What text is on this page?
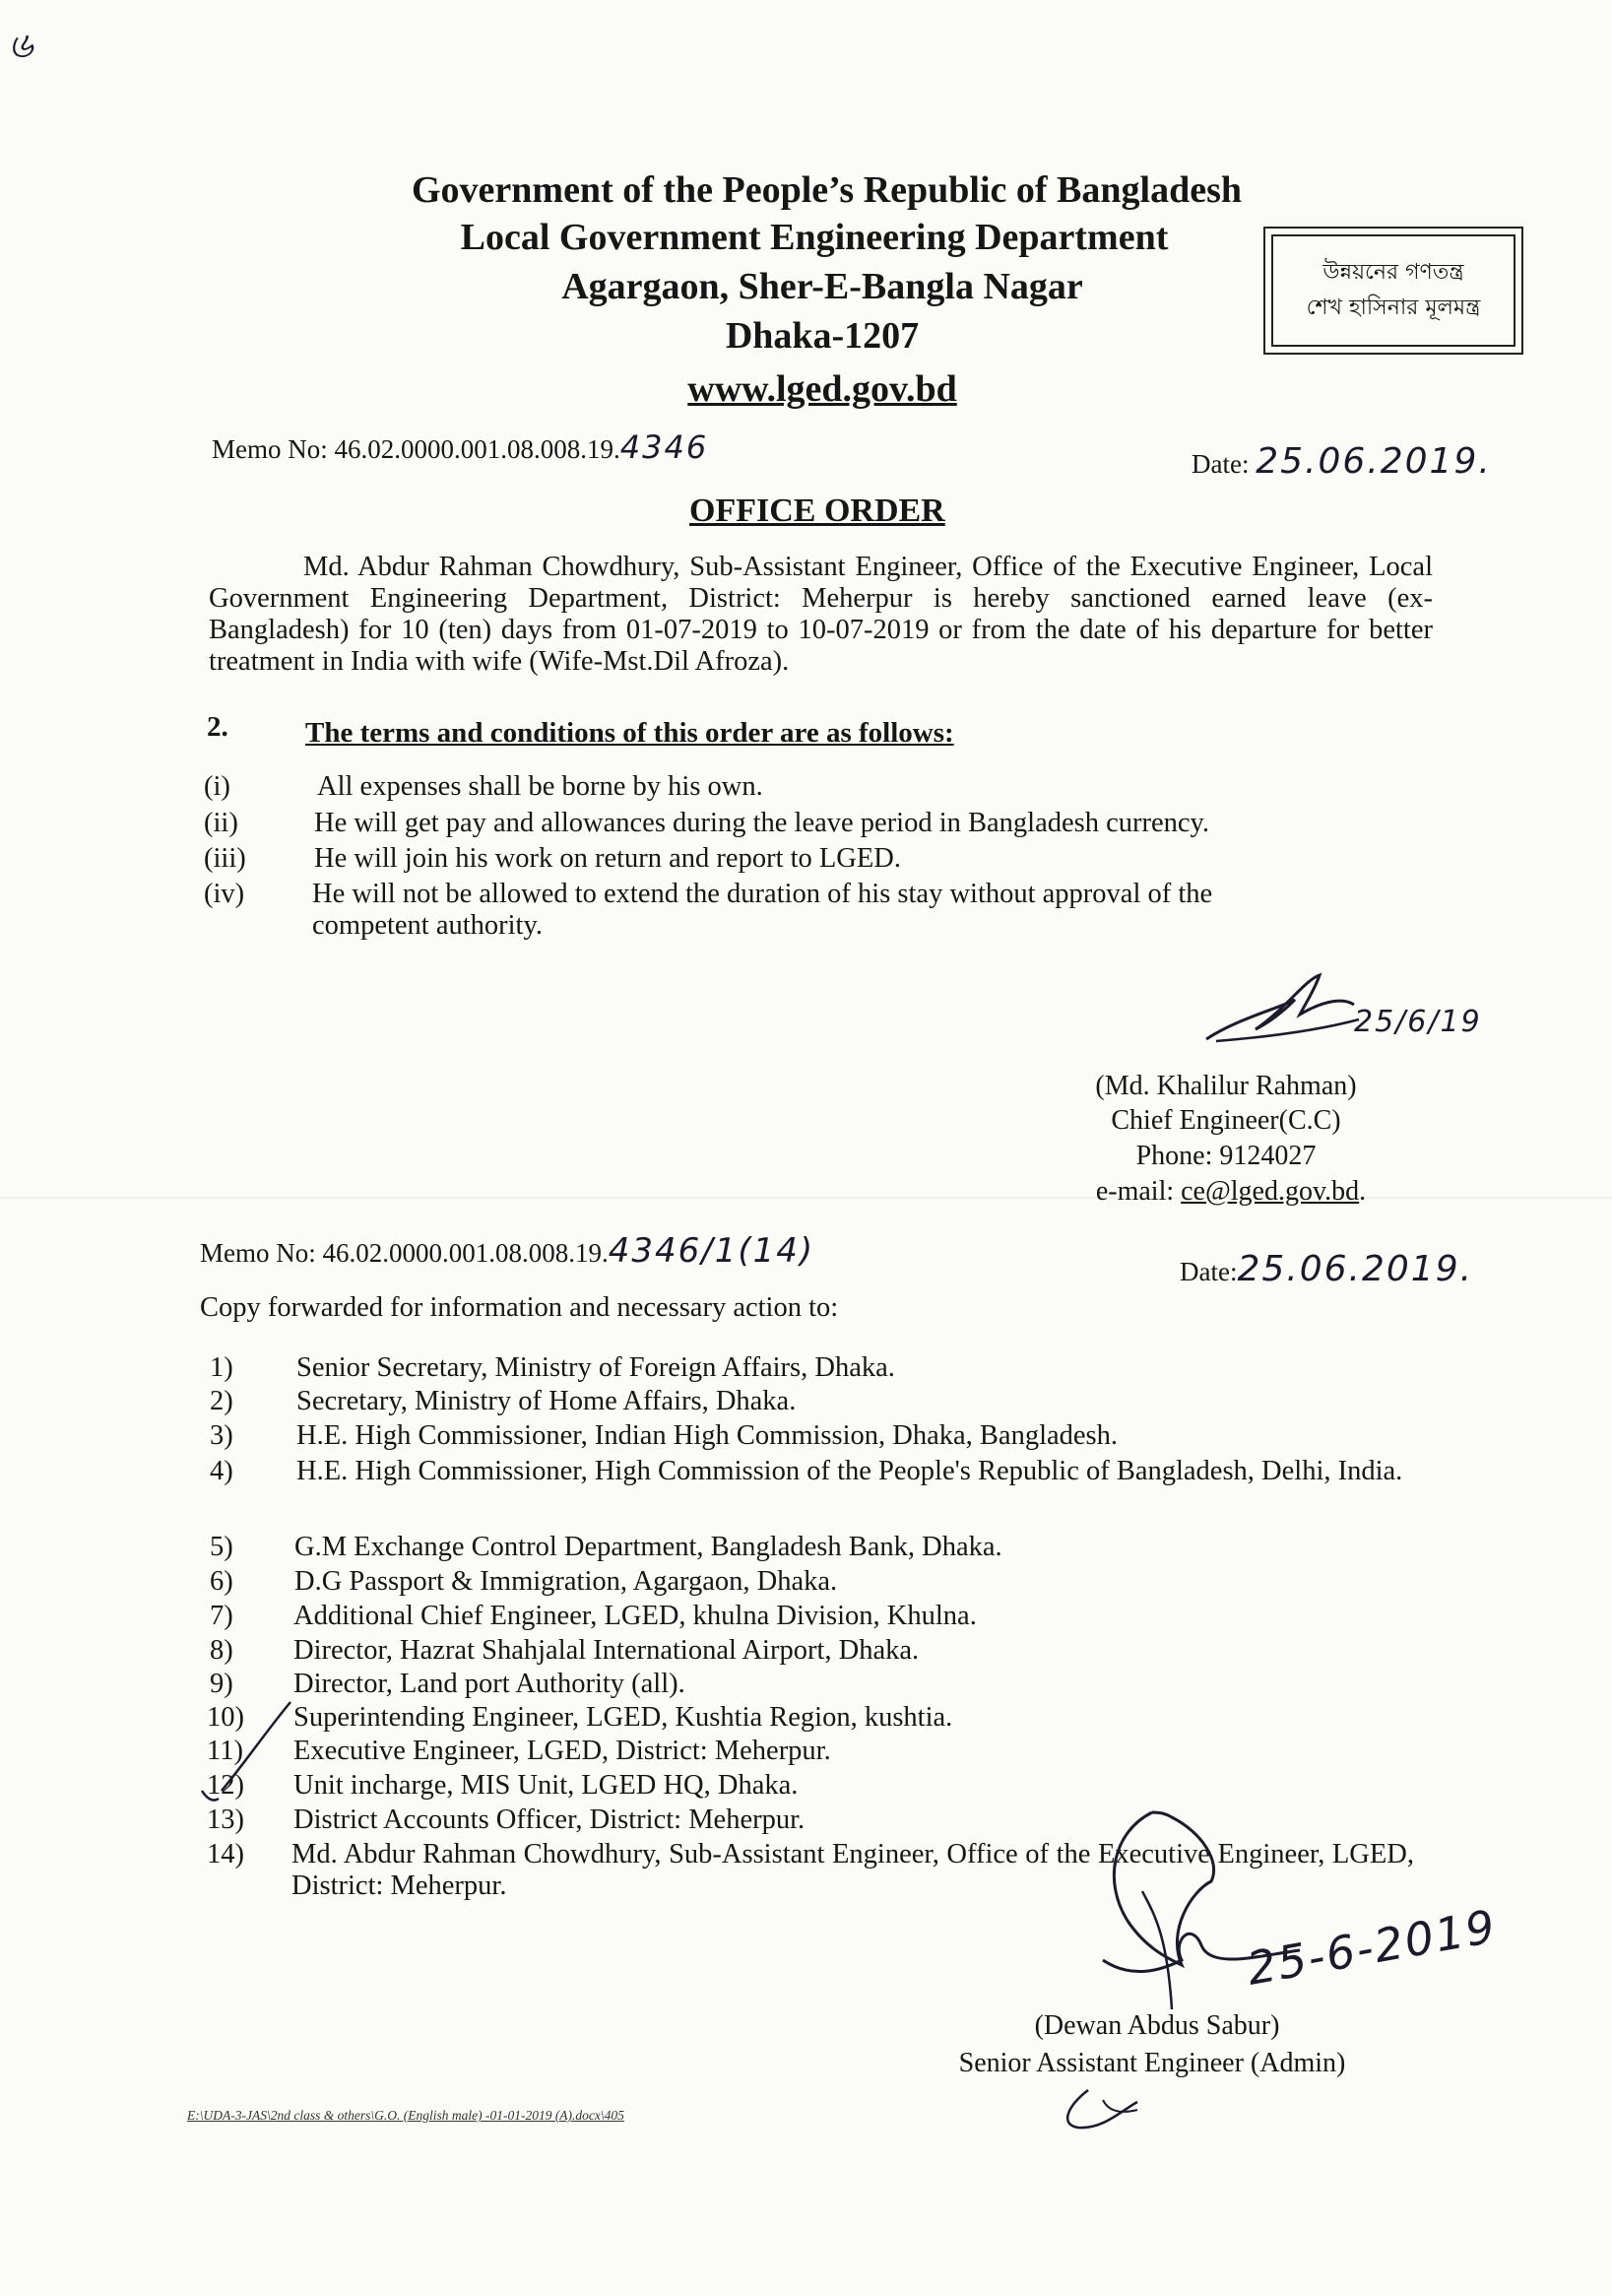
৬
Government of the People’s Republic of Bangladesh
Local Government Engineering Department
Agargaon, Sher-E-Bangla Nagar
Dhaka-1207
www.lged.gov.bd
উন্নয়নের গণতন্ত্র
শেখ হাসিনার মূলমন্ত্র
Memo No: 46.02.0000.001.08.008.19.4346	Date: 25.06.2019.
OFFICE ORDER
Md. Abdur Rahman Chowdhury, Sub-Assistant Engineer, Office of the Executive Engineer, Local Government Engineering Department, District: Meherpur is hereby sanctioned earned leave (ex-Bangladesh) for 10 (ten) days from 01-07-2019 to 10-07-2019 or from the date of his departure for better treatment in India with wife (Wife-Mst.Dil Afroza).
2.	The terms and conditions of this order are as follows:
(i)	All expenses shall be borne by his own.
(ii)	He will get pay and allowances during the leave period in Bangladesh currency.
(iii) He will join his work on return and report to LGED.
(iv) He will not be allowed to extend the duration of his stay without approval of the competent authority.
25/6/19
(Md. Khalilur Rahman)
Chief Engineer(C.C)
Phone: 9124027
e-mail: ce@lged.gov.bd.
Memo No: 46.02.0000.001.08.008.19.4346/1(14)
Date:25.06.2019.
Copy forwarded for information and necessary action to:
1) Senior Secretary, Ministry of Foreign Affairs, Dhaka.
2) Secretary, Ministry of Home Affairs, Dhaka.
3) H.E. High Commissioner, Indian High Commission, Dhaka, Bangladesh.
4) H.E. High Commissioner, High Commission of the People's Republic of Bangladesh, Delhi, India.
5) G.M Exchange Control Department, Bangladesh Bank, Dhaka.
6) D.G Passport & Immigration, Agargaon, Dhaka.
7) Additional Chief Engineer, LGED, khulna Division, Khulna.
8) Director, Hazrat Shahjalal International Airport, Dhaka.
9) Director, Land port Authority (all).
10) Superintending Engineer, LGED, Kushtia Region, kushtia.
11) Executive Engineer, LGED, District: Meherpur.
12) Unit incharge, MIS Unit, LGED HQ, Dhaka.
13) District Accounts Officer, District: Meherpur.
14) Md. Abdur Rahman Chowdhury, Sub-Assistant Engineer, Office of the Executive Engineer, LGED, District: Meherpur.
25-6-2019
(Dewan Abdus Sabur)
Senior Assistant Engineer (Admin)
E:\UDA-3-JAS\2nd class & others\G.O. (English male) -01-01-2019 (A).docx\405
